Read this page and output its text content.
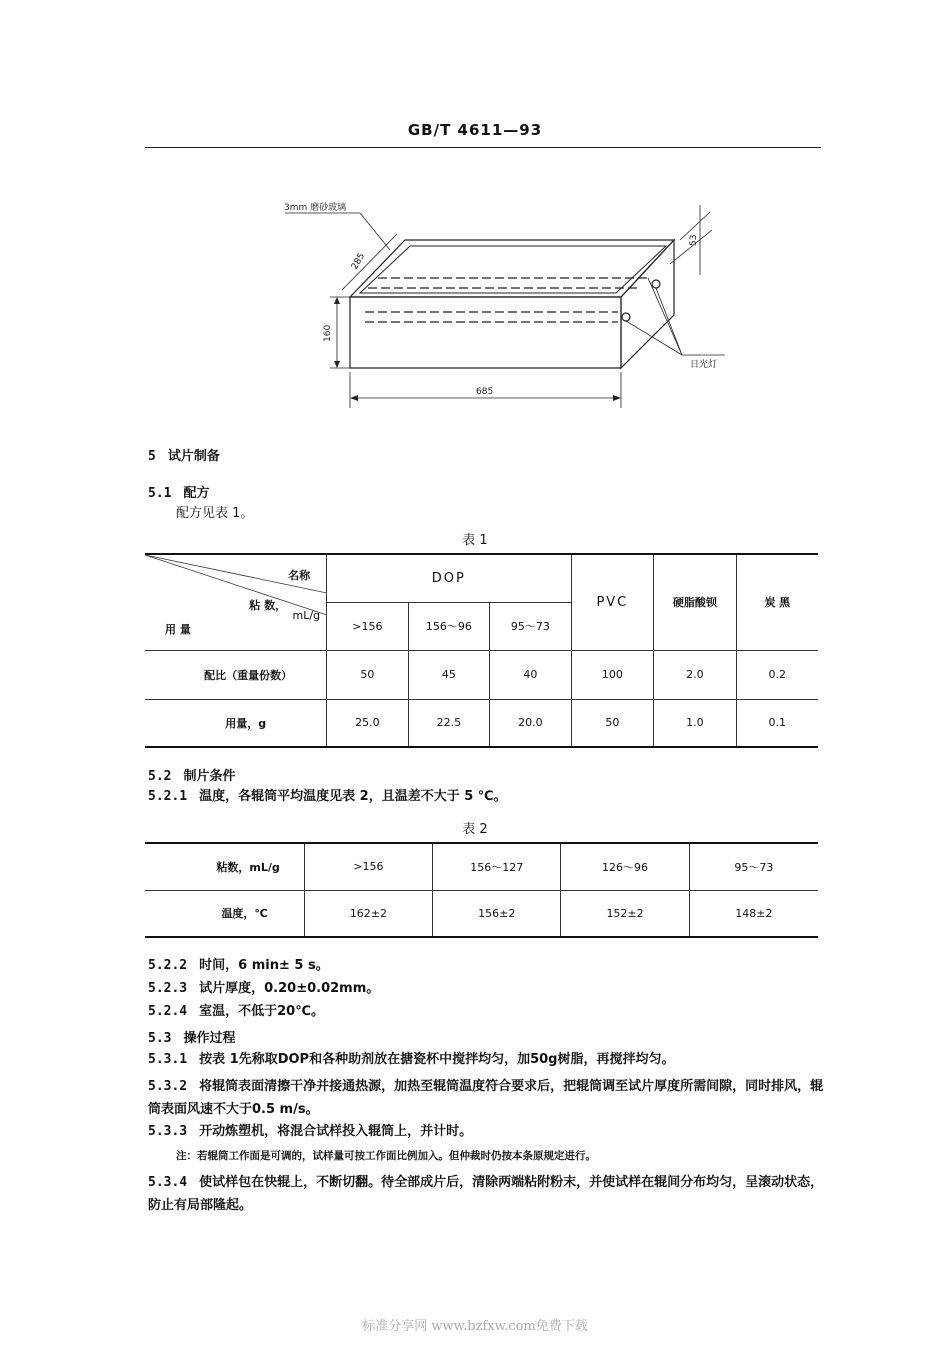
GB/T 4611—93
3mm 磨砂玻璃
285
160
685
53
日光灯
5 试片制备
5.1 配方
配方见表 1。
表 1
名称
粘 数，
mL/g
用 量	DOP			PVC	硬脂酸钡	炭 黑
	>156	156～96	95～73			
配比（重量份数）	50	45	40	100	2.0	0.2
用量，g	25.0	22.5	20.0	50	1.0	0.1
5.2 制片条件
5.2.1 温度，各辊筒平均温度见表 2，且温差不大于 5 ℃。
表 2
粘数，mL/g	>156	156～127	126～96	95～73
温度，℃	162±2	156±2	152±2	148±2
5.2.2 时间，6 min± 5 s。
5.2.3 试片厚度，0.20±0.02mm。
5.2.4 室温，不低于20℃。
5.3 操作过程
5.3.1 按表 1先称取DOP和各种助剂放在搪瓷杯中搅拌均匀，加50g树脂，再搅拌均匀。
5.3.2 将辊筒表面清擦干净并接通热源，加热至辊筒温度符合要求后，把辊筒调至试片厚度所需间隙，同时排风，辊筒表面风速不大于0.5 m/s。
5.3.3 开动炼塑机，将混合试样投入辊筒上，并计时。
注：若辊筒工作面是可调的，试样量可按工作面比例加入。但仲裁时仍按本条原规定进行。
5.3.4 使试样包在快辊上，不断切翻。待全部成片后，清除两端粘附粉末，并使试样在辊间分布均匀，呈滚动状态，防止有局部隆起。
标准分享网 www.bzfxw.com免费下载
